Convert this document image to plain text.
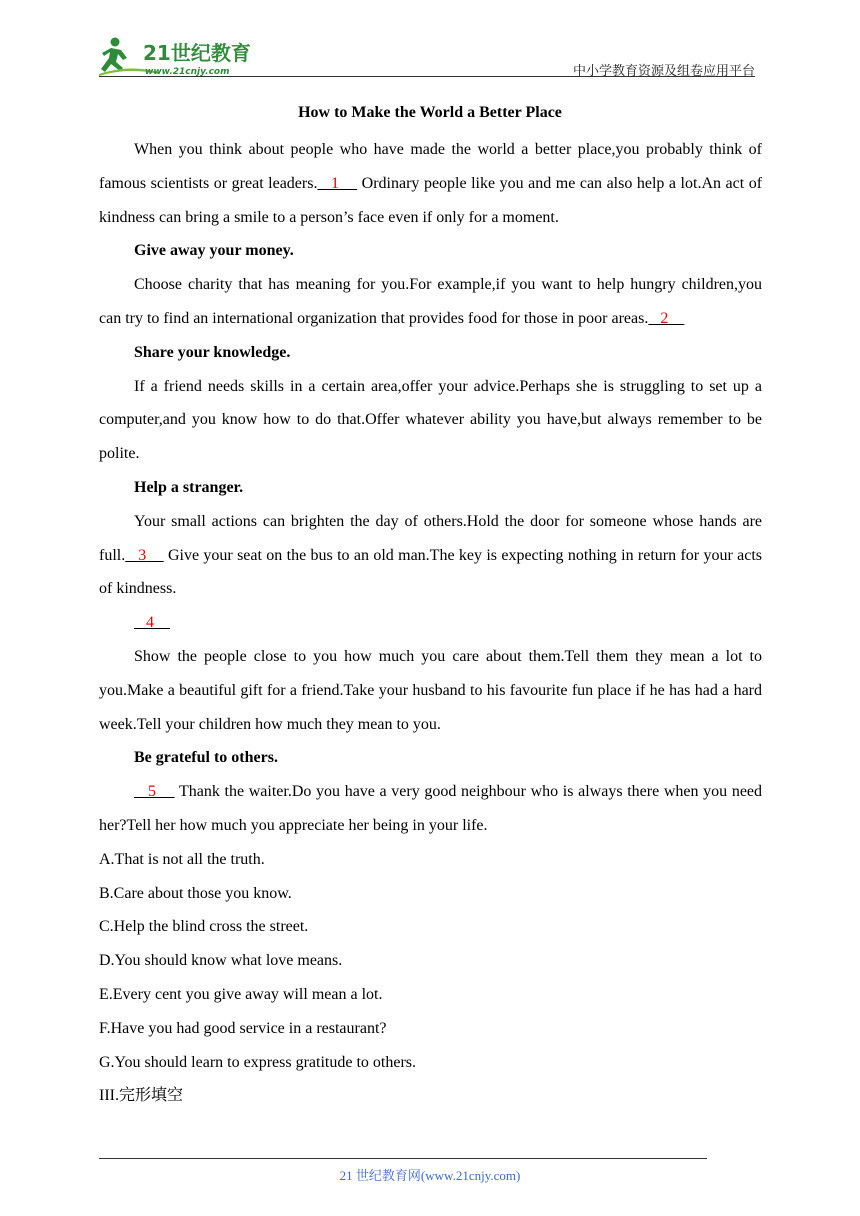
21世纪教育
www.21cnjy.com	中小学教育资源及组卷应用平台
How to Make the World a Better Place

When you think about people who have made the world a better place,you probably think of famous scientists or great leaders. 1     Ordinary people like you and me can also help a lot.An act of kindness can bring a smile to a person’s face even if only for a moment.

Give away your money.

Choose charity that has meaning for you.For example,if you want to help hungry children,you can try to find an international organization that provides food for those in poor areas. 2

Share your knowledge.

If a friend needs skills in a certain area,offer your advice.Perhaps she is struggling to set up a computer,and you know how to do that.Offer whatever ability you have,but always remember to be polite.

Help a stranger.

Your small actions can brighten the day of others.Hold the door for someone whose hands are full. 3     Give your seat on the bus to an old man.The key is expecting nothing in return for your acts of kindness.

4

Show the people close to you how much you care about them.Tell them they mean a lot to you.Make a beautiful gift for a friend.Take your husband to his favourite fun place if he has had a hard week.Tell your children how much they mean to you.

Be grateful to others.

5     Thank the waiter.Do you have a very good neighbour who is always there when you need her?Tell her how much you appreciate her being in your life.

A.That is not all the truth.

B.Care about those you know.

C.Help the blind cross the street.

D.You should know what love means.

E.Every cent you give away will mean a lot.

F.Have you had good service in a restaurant?

G.You should learn to express gratitude to others.

III.完形填空

21 世纪教育网(www.21cnjy.com)
